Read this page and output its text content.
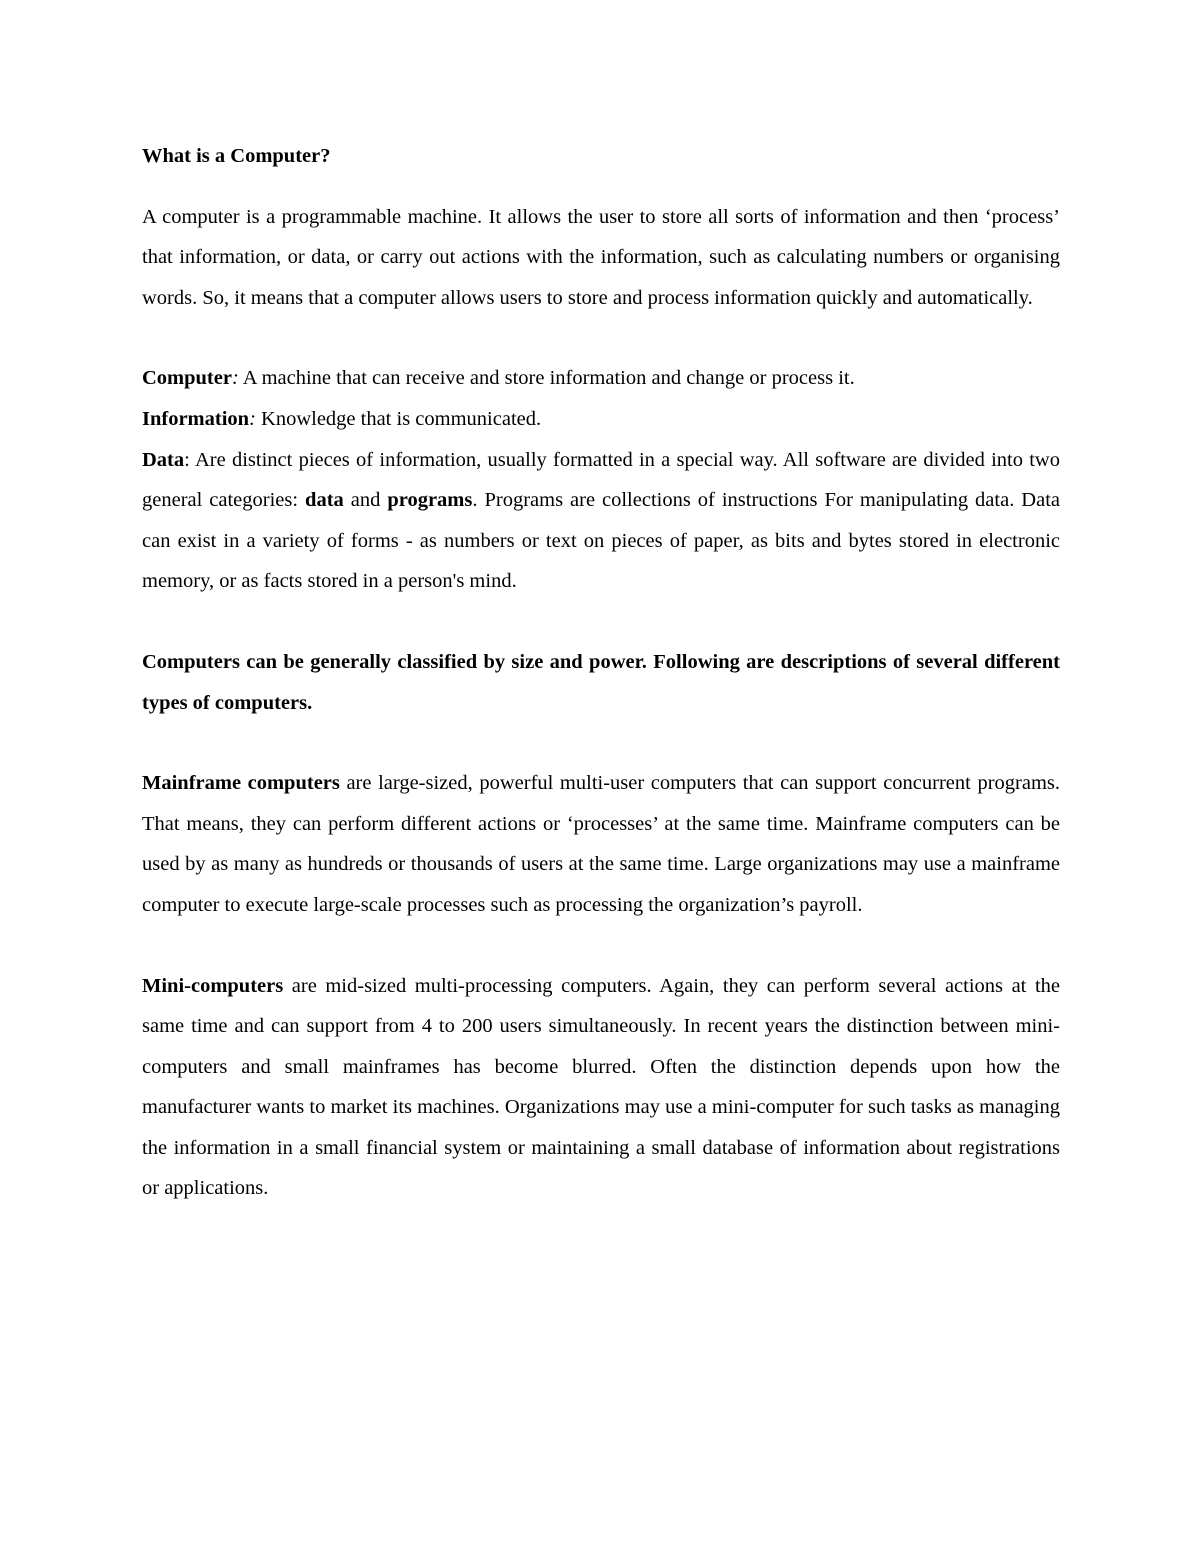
What is a Computer?

A computer is a programmable machine. It allows the user to store all sorts of information and then ‘process’ that information, or data, or carry out actions with the information, such as calculating numbers or organising words. So, it means that a computer allows users to store and process information quickly and automatically.

Computer: A machine that can receive and store information and change or process it.

Information: Knowledge that is communicated.

Data: Are distinct pieces of information, usually formatted in a special way. All software are divided into two general categories: data and programs. Programs are collections of instructions For manipulating data. Data can exist in a variety of forms - as numbers or text on pieces of paper, as bits and bytes stored in electronic memory, or as facts stored in a person's mind.

Computers can be generally classified by size and power. Following are descriptions of several different types of computers.

Mainframe computers are large-sized, powerful multi-user computers that can support concurrent programs. That means, they can perform different actions or ‘processes’ at the same time. Mainframe computers can be used by as many as hundreds or thousands of users at the same time. Large organizations may use a mainframe computer to execute large-scale processes such as processing the organization’s payroll.

Mini-computers are mid-sized multi-processing computers. Again, they can perform several actions at the same time and can support from 4 to 200 users simultaneously. In recent years the distinction between mini-computers and small mainframes has become blurred. Often the distinction depends upon how the manufacturer wants to market its machines. Organizations may use a mini-computer for such tasks as managing the information in a small financial system or maintaining a small database of information about registrations or applications.
